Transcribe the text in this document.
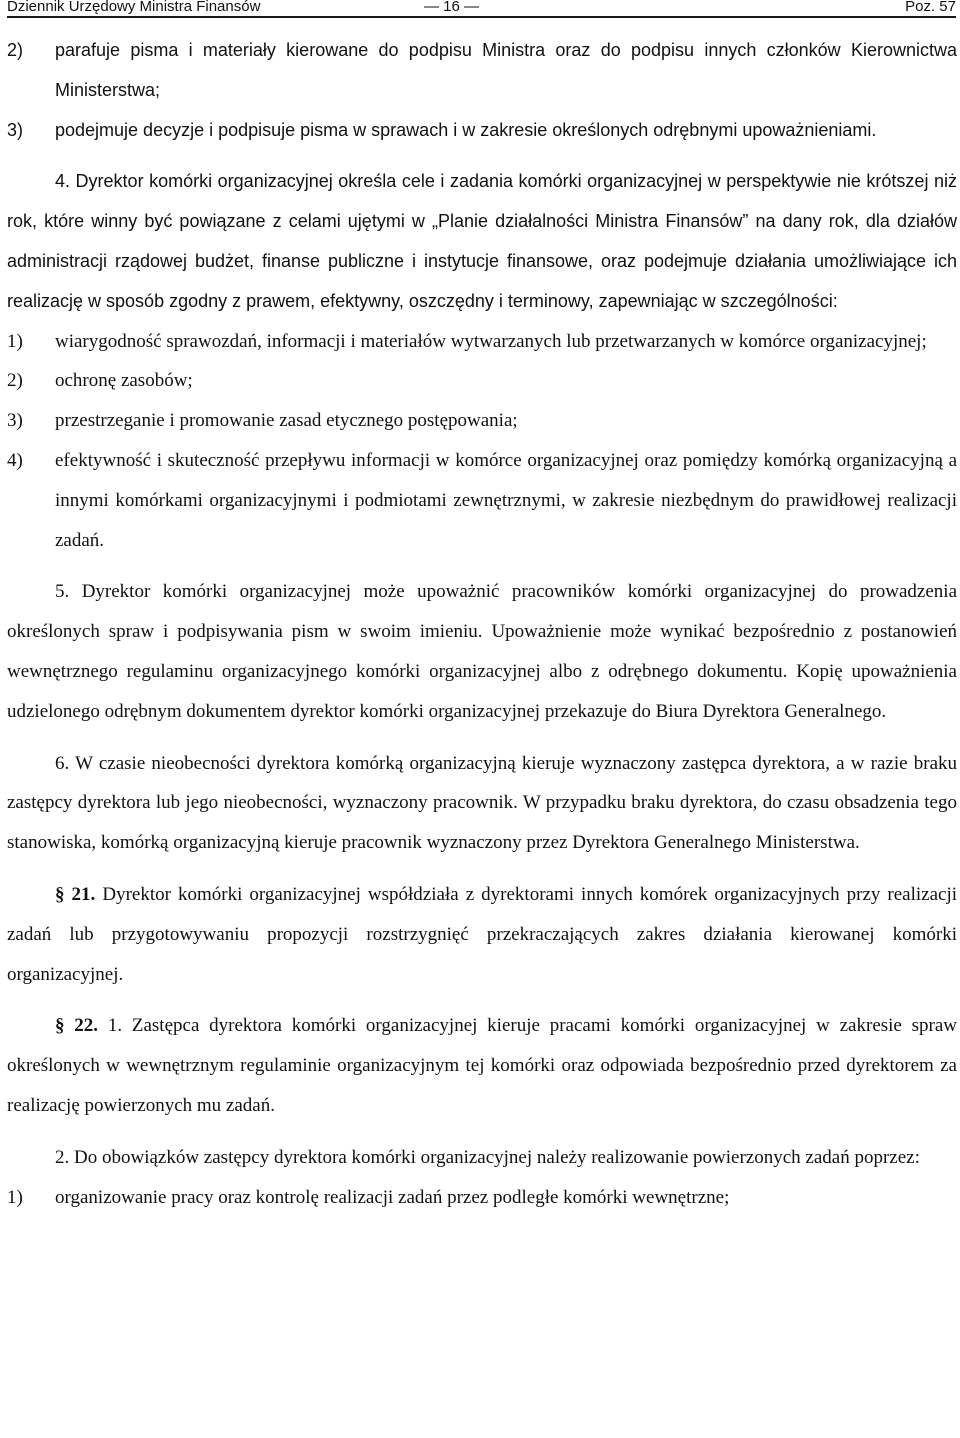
Dziennik Urzędowy Ministra Finansów	— 16 —	Poz. 57
2)	parafuje pisma i materiały kierowane do podpisu Ministra oraz do podpisu innych członków Kierownictwa Ministerstwa;
3)	podejmuje decyzje i podpisuje pisma w sprawach i w zakresie określonych odrębnymi upoważnieniami.

4. Dyrektor komórki organizacyjnej określa cele i zadania komórki organizacyjnej w perspektywie nie krótszej niż rok, które winny być powiązane z celami ujętymi w „Planie działalności Ministra Finansów” na dany rok, dla działów administracji rządowej budżet, finanse publiczne i instytucje finansowe, oraz podejmuje działania umożliwiające ich realizację w sposób zgodny z prawem, efektywny, oszczędny i terminowy, zapewniając w szczególności:

1)	wiarygodność sprawozdań, informacji i materiałów wytwarzanych lub przetwarzanych w komórce organizacyjnej;
2)	ochronę zasobów;
3)	przestrzeganie i promowanie zasad etycznego postępowania;
4)	efektywność i skuteczność przepływu informacji w komórce organizacyjnej oraz pomiędzy komórką organizacyjną a innymi komórkami organizacyjnymi i podmiotami zewnętrznymi, w zakresie niezbędnym do prawidłowej realizacji zadań.

5. Dyrektor komórki organizacyjnej może upoważnić pracowników komórki organizacyjnej do prowadzenia określonych spraw i podpisywania pism w swoim imieniu. Upoważnienie może wynikać bezpośrednio z postanowień wewnętrznego regulaminu organizacyjnego komórki organizacyjnej albo z odrębnego dokumentu. Kopię upoważnienia udzielonego odrębnym dokumentem dyrektor komórki organizacyjnej przekazuje do Biura Dyrektora Generalnego.

6. W czasie nieobecności dyrektora komórką organizacyjną kieruje wyznaczony zastępca dyrektora, a w razie braku zastępcy dyrektora lub jego nieobecności, wyznaczony pracownik. W przypadku braku dyrektora, do czasu obsadzenia tego stanowiska, komórką organizacyjną kieruje pracownik wyznaczony przez Dyrektora Generalnego Ministerstwa.

§ 21. Dyrektor komórki organizacyjnej współdziała z dyrektorami innych komórek organizacyjnych przy realizacji zadań lub przygotowywaniu propozycji rozstrzygnięć przekraczających zakres działania kierowanej komórki organizacyjnej.

§ 22. 1. Zastępca dyrektora komórki organizacyjnej kieruje pracami komórki organizacyjnej w zakresie spraw określonych w wewnętrznym regulaminie organizacyjnym tej komórki oraz odpowiada bezpośrednio przed dyrektorem za realizację powierzonych mu zadań.

2. Do obowiązków zastępcy dyrektora komórki organizacyjnej należy realizowanie powierzonych zadań poprzez:

1)	organizowanie pracy oraz kontrolę realizacji zadań przez podległe komórki wewnętrzne;
